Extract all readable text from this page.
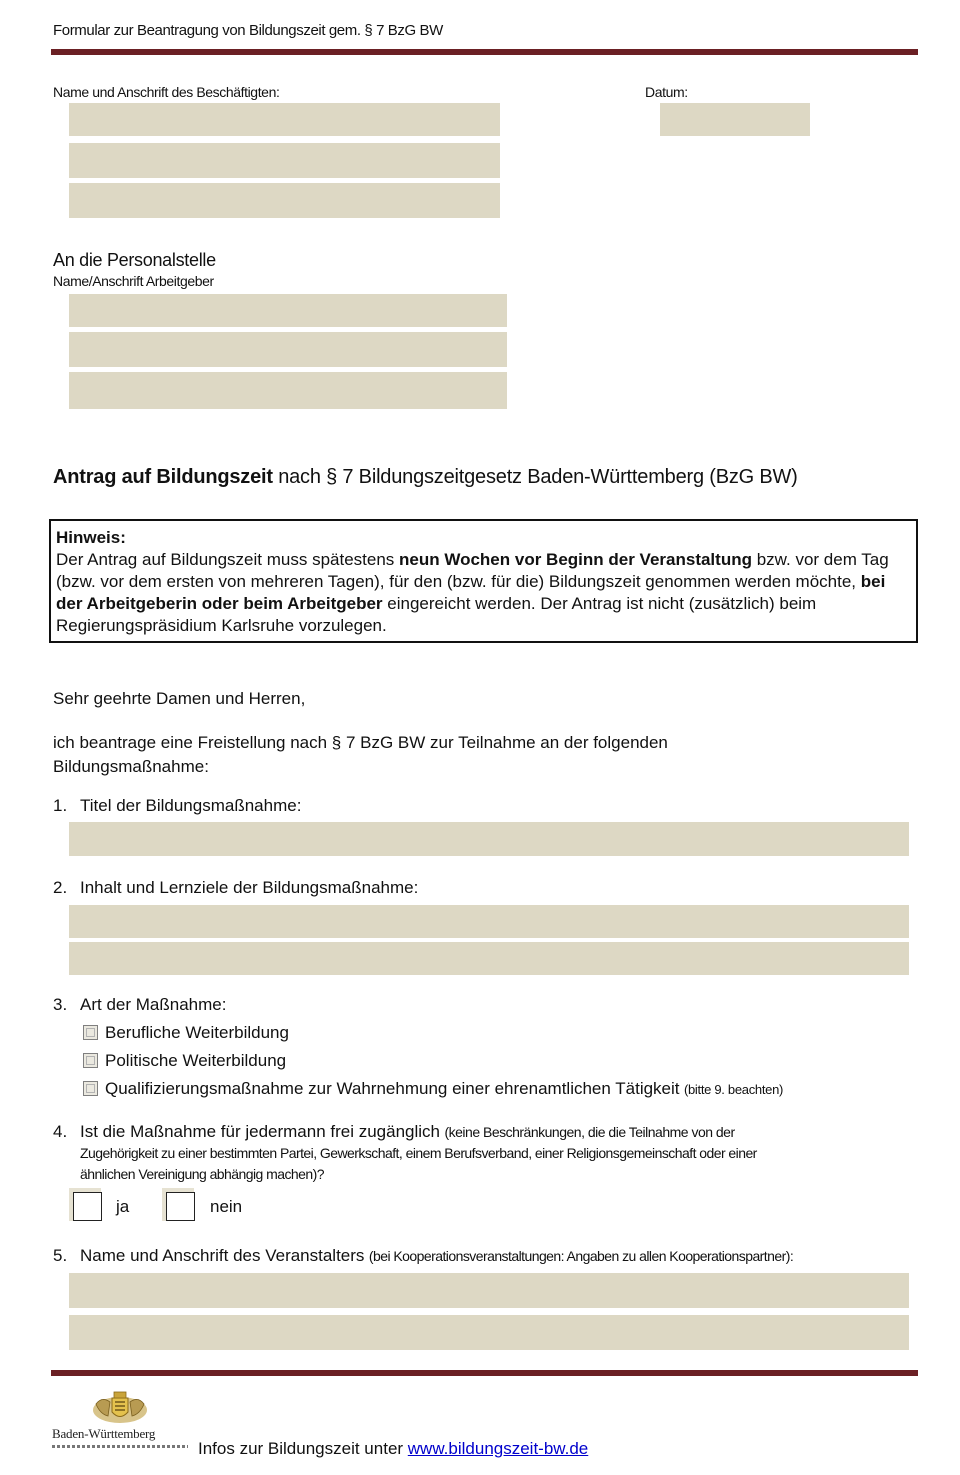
Formular zur Beantragung von Bildungszeit gem. § 7 BzG BW
Name und Anschrift des Beschäftigten:	Datum:
An die Personalstelle
Name/Anschrift Arbeitgeber
Antrag auf Bildungszeit nach § 7 Bildungszeitgesetz Baden-Württemberg (BzG BW)
Hinweis:
Der Antrag auf Bildungszeit muss spätestens neun Wochen vor Beginn der Veranstaltung bzw. vor dem Tag (bzw. vor dem ersten von mehreren Tagen), für den (bzw. für die) Bildungszeit genommen werden möchte, bei der Arbeitgeberin oder beim Arbeitgeber eingereicht werden. Der Antrag ist nicht (zusätzlich) beim Regierungspräsidium Karlsruhe vorzulegen.
Sehr geehrte Damen und Herren,
ich beantrage eine Freistellung nach § 7 BzG BW zur Teilnahme an der folgenden
Bildungsmaßnahme:
1. Titel der Bildungsmaßnahme:
2. Inhalt und Lernziele der Bildungsmaßnahme:
3. Art der Maßnahme:
Berufliche Weiterbildung
Politische Weiterbildung
Qualifizierungsmaßnahme zur Wahrnehmung einer ehrenamtlichen Tätigkeit (bitte 9. beachten)
4. Ist die Maßnahme für jedermann frei zugänglich (keine Beschränkungen, die die Teilnahme von der
Zugehörigkeit zu einer bestimmten Partei, Gewerkschaft, einem Berufsverband, einer Religionsgemeinschaft oder einer
ähnlichen Vereinigung abhängig machen)?
ja	nein
5. Name und Anschrift des Veranstalters (bei Kooperationsveranstaltungen: Angaben zu allen Kooperationspartner):
Baden-Württemberg
Infos zur Bildungszeit unter www.bildungszeit-bw.de
